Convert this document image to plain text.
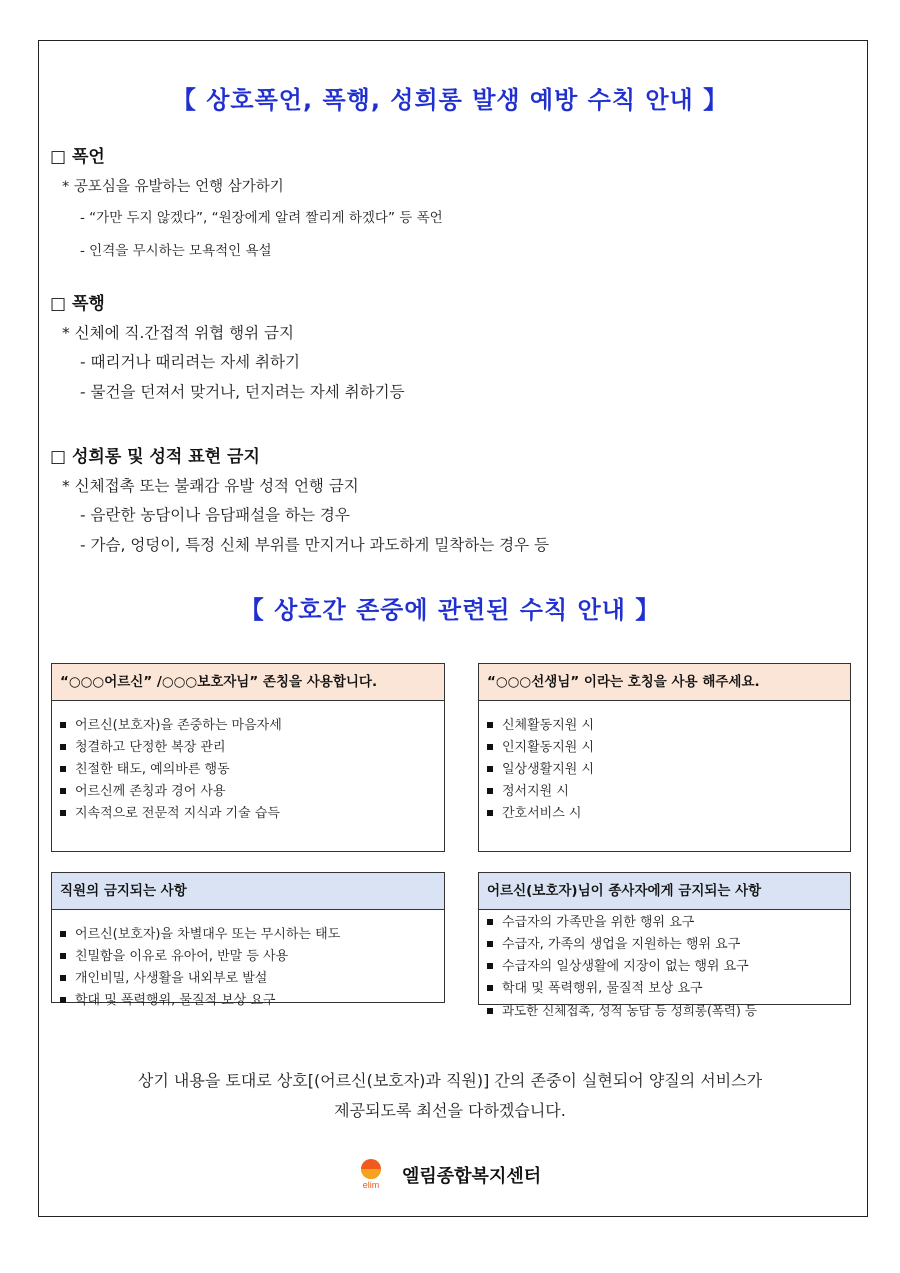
【 상호폭언, 폭행, 성희롱 발생 예방 수칙 안내 】
□ 폭언
* 공포심을 유발하는 언행 삼가하기
- “가만 두지 않겠다”, “원장에게 알려 짤리게 하겠다” 등 폭언
- 인격을 무시하는 모욕적인 욕설
□ 폭행
* 신체에 직.간접적 위협 행위 금지
- 때리거나 때리려는 자세 취하기
- 물건을 던져서 맞거나, 던지려는 자세 취하기등
□ 성희롱 및 성적 표현 금지
* 신체접촉 또는 불쾌감 유발 성적 언행 금지
- 음란한 농담이나 음담패설을 하는 경우
- 가슴, 엉덩이, 특정 신체 부위를 만지거나 과도하게 밀착하는 경우 등
【 상호간 존중에 관련된 수칙 안내 】
“○○○어르신” /○○○보호자님” 존칭을 사용합니다.
어르신(보호자)을 존중하는 마음자세
청결하고 단정한 복장 관리
친절한 태도, 예의바른 행동
어르신께 존칭과 경어 사용
지속적으로 전문적 지식과 기술 습득
“○○○선생님” 이라는 호칭을 사용 해주세요.
신체활동지원 시
인지활동지원 시
일상생활지원 시
정서지원 시
간호서비스 시
직원의 금지되는 사항
어르신(보호자)을 차별대우 또는 무시하는 태도
친밀함을 이유로 유아어, 반말 등 사용
개인비밀, 사생활을 내외부로 발설
학대 및 폭력행위, 물질적 보상 요구
어르신(보호자)님이 종사자에게 금지되는 사항
수급자의 가족만을 위한 행위 요구
수급자, 가족의 생업을 지원하는 행위 요구
수급자의 일상생활에 지장이 없는 행위 요구
학대 및 폭력행위, 물질적 보상 요구
과도한 신체접촉, 성적 농담 등 성희롱(폭력) 등
상기 내용을 토대로 상호[(어르신(보호자)과 직원)] 간의 존중이 실현되어 양질의 서비스가
제공되도록 최선을 다하겠습니다.
elim 엘림종합복지센터
